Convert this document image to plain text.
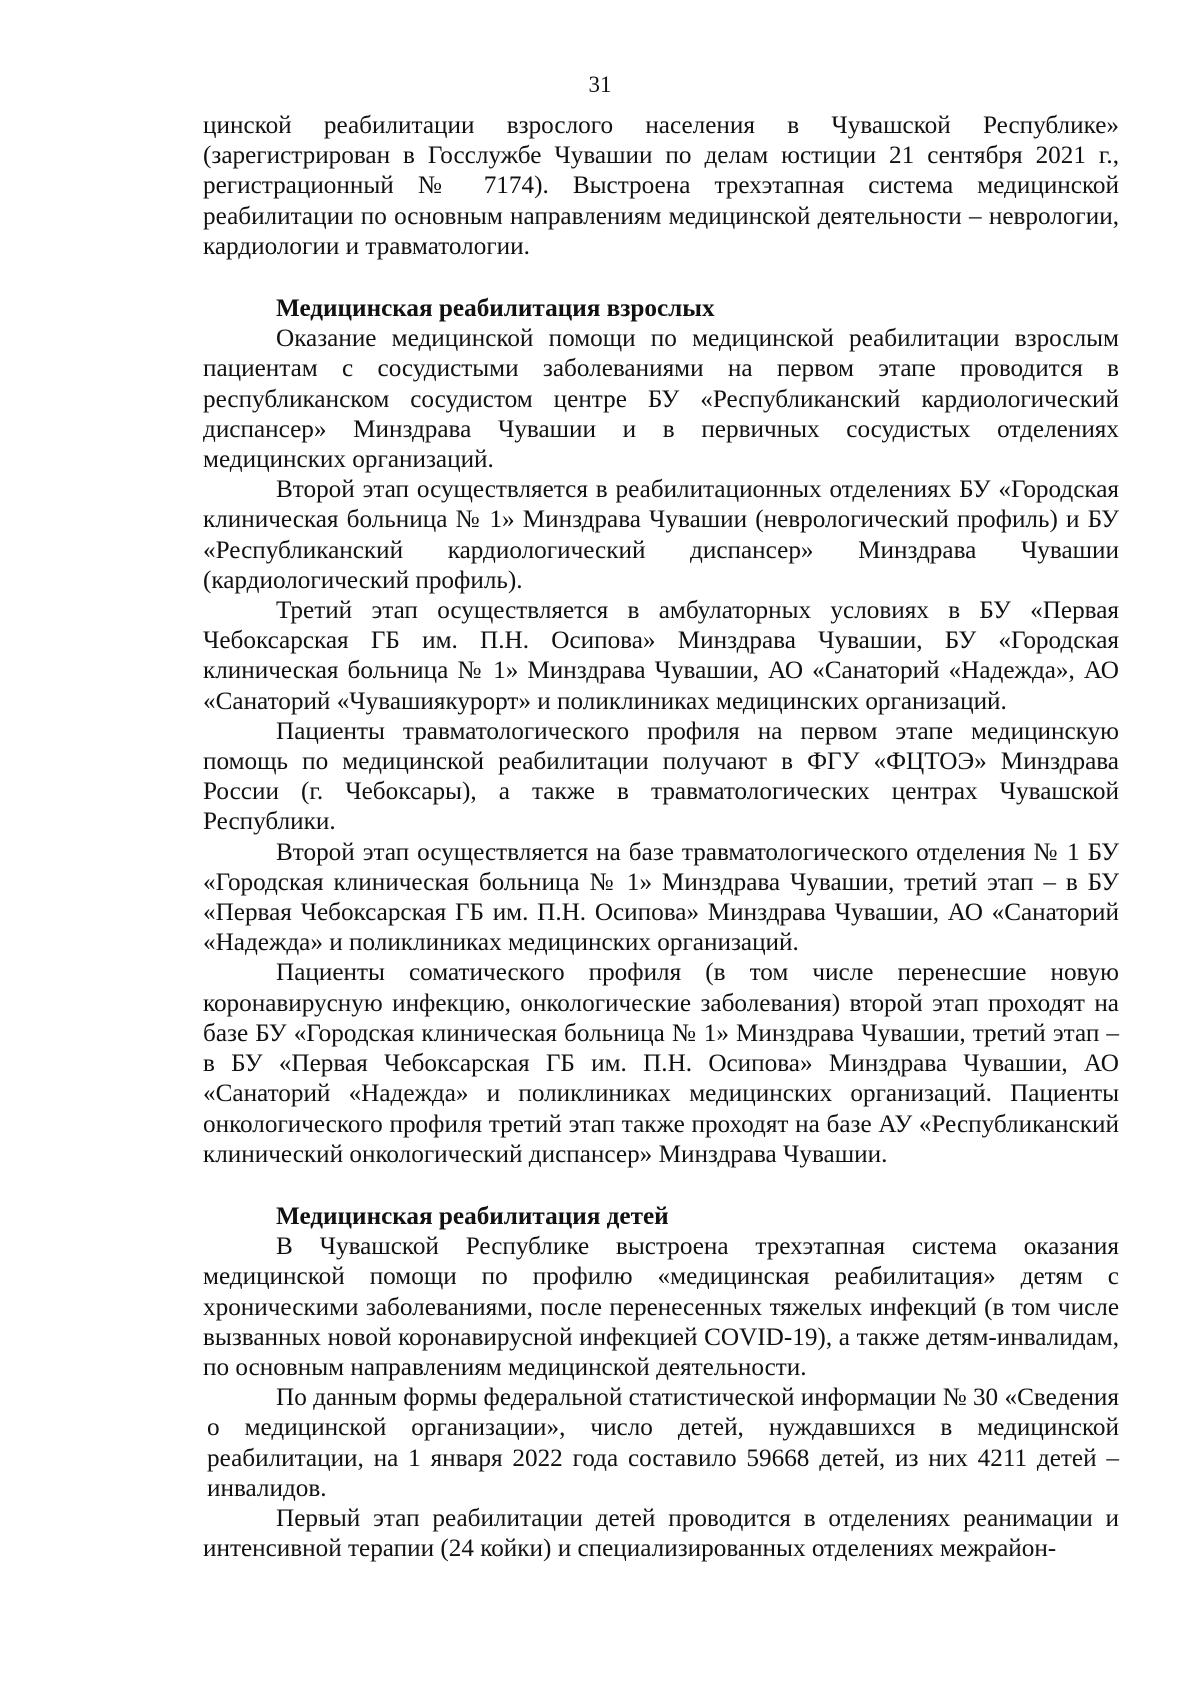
31

цинской реабилитации взрослого населения в Чувашской Республике» (зарегистрирован в Госслужбе Чувашии по делам юстиции 21 сентября 2021 г., регистрационный № 7174). Выстроена трехэтапная система медицинской реабилитации по основным направлениям медицинской деятельности – неврологии, кардиологии и травматологии.

Медицинская реабилитация взрослых

Оказание медицинской помощи по медицинской реабилитации взрослым пациентам с сосудистыми заболеваниями на первом этапе проводится в республиканском сосудистом центре БУ «Республиканский кардиологический диспансер» Минздрава Чувашии и в первичных сосудистых отделениях медицинских организаций.

Второй этап осуществляется в реабилитационных отделениях БУ «Городская клиническая больница № 1» Минздрава Чувашии (неврологический профиль) и БУ «Республиканский кардиологический диспансер» Минздрава Чувашии (кардиологический профиль).

Третий этап осуществляется в амбулаторных условиях в БУ «Первая Чебоксарская ГБ им. П.Н. Осипова» Минздрава Чувашии, БУ «Городская клиническая больница № 1» Минздрава Чувашии, АО «Санаторий «Надежда», АО «Санаторий «Чувашиякурорт» и поликлиниках медицинских организаций.

Пациенты травматологического профиля на первом этапе медицинскую помощь по медицинской реабилитации получают в ФГУ «ФЦТОЭ» Минздрава России (г. Чебоксары), а также в травматологических центрах Чувашской Республики.

Второй этап осуществляется на базе травматологического отделения № 1 БУ «Городская клиническая больница № 1» Минздрава Чувашии, третий этап – в БУ «Первая Чебоксарская ГБ им. П.Н. Осипова» Минздрава Чувашии, АО «Санаторий «Надежда» и поликлиниках медицинских организаций.

Пациенты соматического профиля (в том числе перенесшие новую коронавирусную инфекцию, онкологические заболевания) второй этап проходят на базе БУ «Городская клиническая больница № 1» Минздрава Чувашии, третий этап – в БУ «Первая Чебоксарская ГБ им. П.Н. Осипова» Минздрава Чувашии, АО «Санаторий «Надежда» и поликлиниках медицинских организаций. Пациенты онкологического профиля третий этап также проходят на базе АУ «Республиканский клинический онкологический диспансер» Минздрава Чувашии.

Медицинская реабилитация детей

В Чувашской Республике выстроена трехэтапная система оказания медицинской помощи по профилю «медицинская реабилитация» детям с хроническими заболеваниями, после перенесенных тяжелых инфекций (в том числе вызванных новой коронавирусной инфекцией COVID-19), а также детям-инвалидам, по основным направлениям медицинской деятельности.

По данным формы федеральной статистической информации № 30 «Сведения о медицинской организации», число детей, нуждавшихся в медицинской реабилитации, на 1 января 2022 года составило 59668 детей, из них 4211 детей – инвалидов.

Первый этап реабилитации детей проводится в отделениях реанимации и интенсивной терапии (24 койки) и специализированных отделениях межрайон-
